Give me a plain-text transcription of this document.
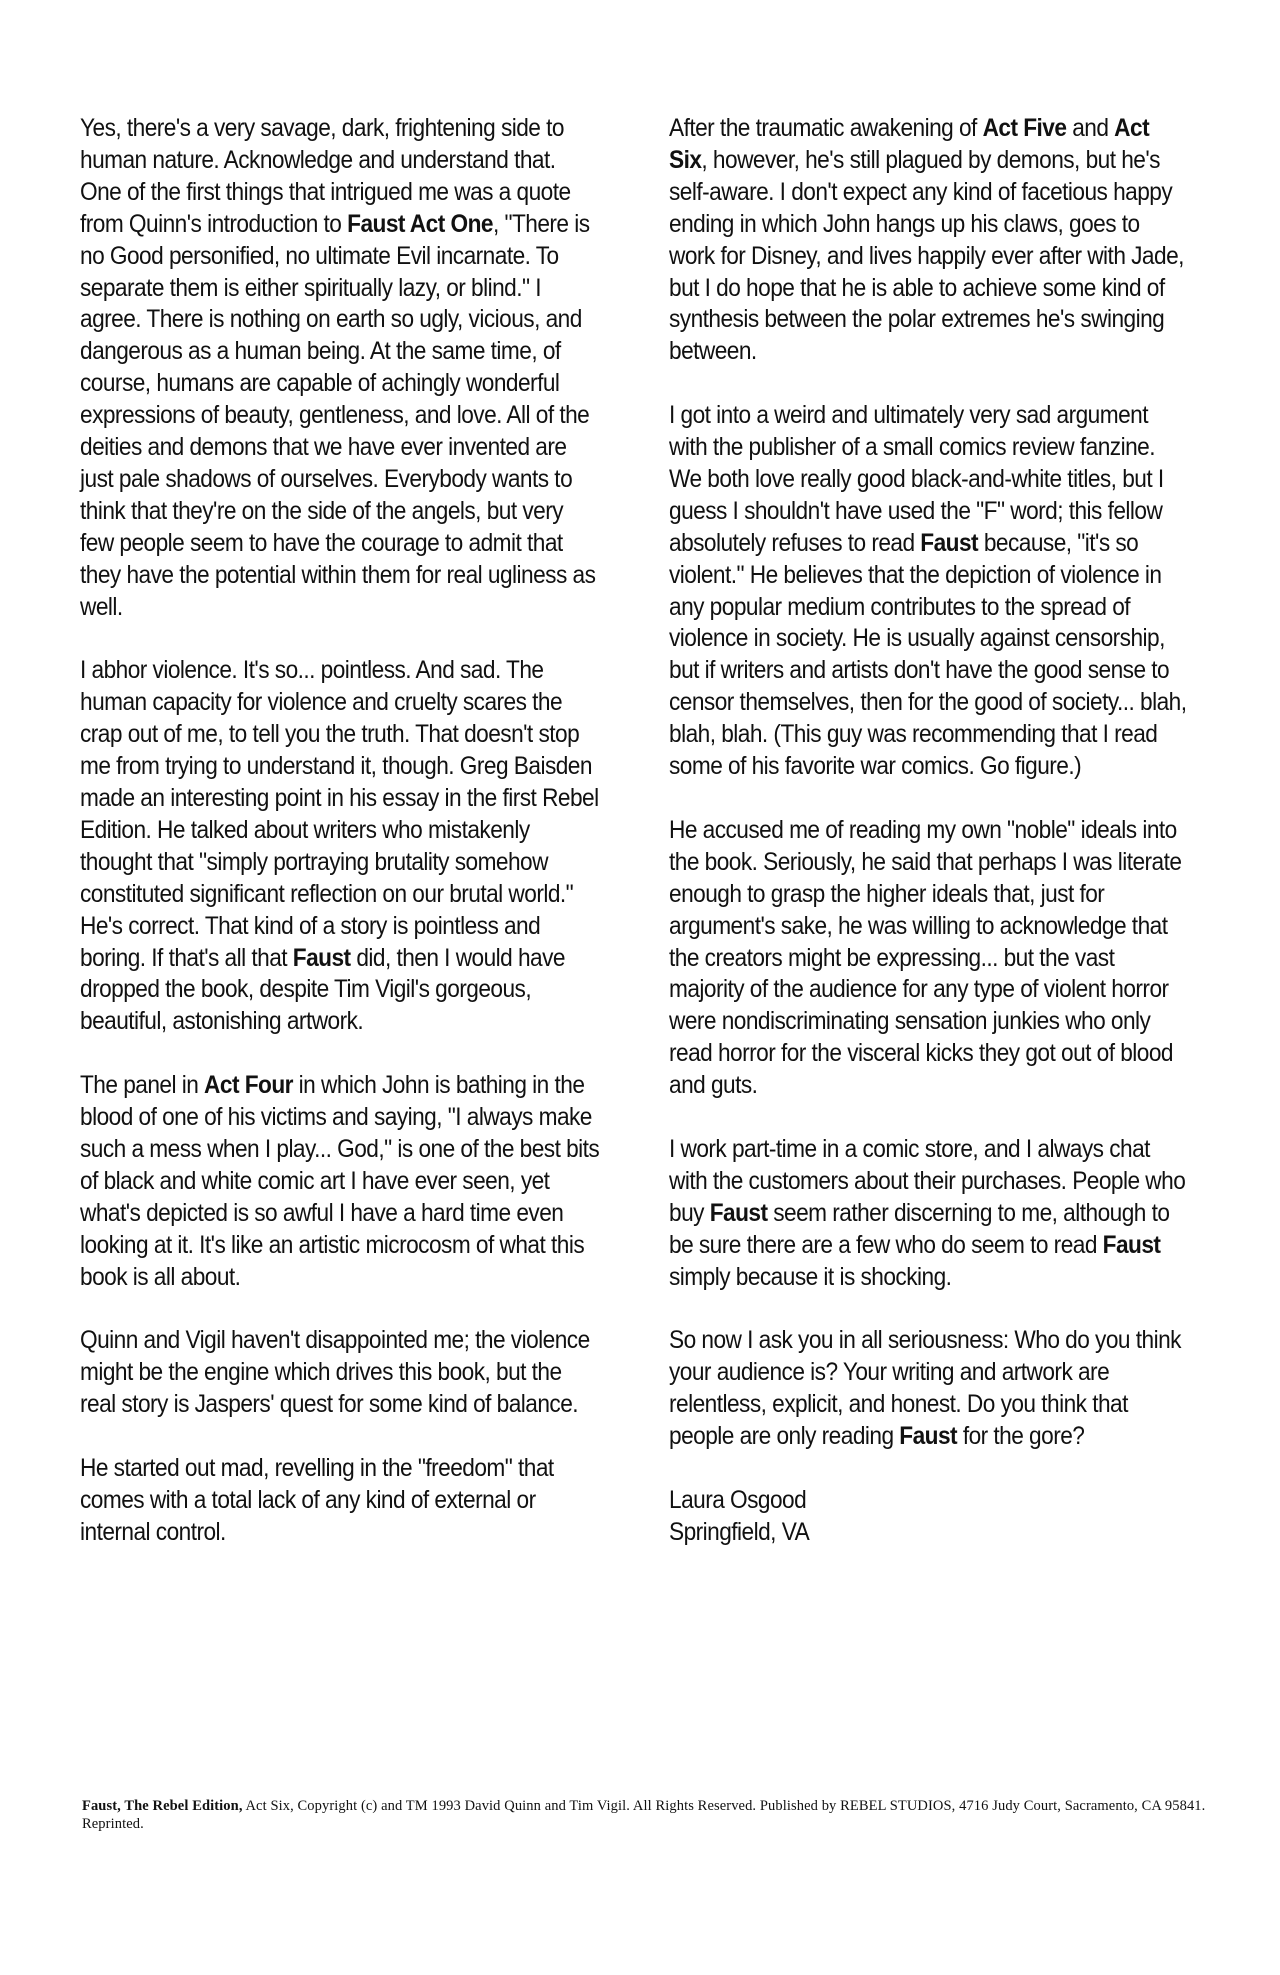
Yes, there's a very savage, dark, frightening side to human nature. Acknowledge and understand that. One of the first things that intrigued me was a quote from Quinn's introduction to Faust Act One, "There is no Good personified, no ultimate Evil incarnate. To separate them is either spiritually lazy, or blind." I agree. There is nothing on earth so ugly, vicious, and dangerous as a human being. At the same time, of course, humans are capable of achingly wonderful expressions of beauty, gentleness, and love. All of the deities and demons that we have ever invented are just pale shadows of ourselves. Everybody wants to think that they're on the side of the angels, but very few people seem to have the courage to admit that they have the potential within them for real ugliness as well.

I abhor violence. It's so... pointless. And sad. The human capacity for violence and cruelty scares the crap out of me, to tell you the truth. That doesn't stop me from trying to understand it, though. Greg Baisden made an interesting point in his essay in the first Rebel Edition. He talked about writers who mistakenly thought that "simply portraying brutality somehow constituted significant reflection on our brutal world." He's correct. That kind of a story is pointless and boring. If that's all that Faust did, then I would have dropped the book, despite Tim Vigil's gorgeous, beautiful, astonishing artwork.

The panel in Act Four in which John is bathing in the blood of one of his victims and saying, "I always make such a mess when I play... God," is one of the best bits of black and white comic art I have ever seen, yet what's depicted is so awful I have a hard time even looking at it. It's like an artistic microcosm of what this book is all about.

Quinn and Vigil haven't disappointed me; the violence might be the engine which drives this book, but the real story is Jaspers' quest for some kind of balance.

He started out mad, revelling in the "freedom" that comes with a total lack of any kind of external or internal control.

After the traumatic awakening of Act Five and Act Six, however, he's still plagued by demons, but he's self-aware. I don't expect any kind of facetious happy ending in which John hangs up his claws, goes to work for Disney, and lives happily ever after with Jade, but I do hope that he is able to achieve some kind of synthesis between the polar extremes he's swinging between.

I got into a weird and ultimately very sad argument with the publisher of a small comics review fanzine. We both love really good black-and-white titles, but I guess I shouldn't have used the "F" word; this fellow absolutely refuses to read Faust because, "it's so violent." He believes that the depiction of violence in any popular medium contributes to the spread of violence in society. He is usually against censorship, but if writers and artists don't have the good sense to censor themselves, then for the good of society... blah, blah, blah. (This guy was recommending that I read some of his favorite war comics. Go figure.)

He accused me of reading my own "noble" ideals into the book. Seriously, he said that perhaps I was literate enough to grasp the higher ideals that, just for argument's sake, he was willing to acknowledge that the creators might be expressing... but the vast majority of the audience for any type of violent horror were nondiscriminating sensation junkies who only read horror for the visceral kicks they got out of blood and guts.

I work part-time in a comic store, and I always chat with the customers about their purchases. People who buy Faust seem rather discerning to me, although to be sure there are a few who do seem to read Faust simply because it is shocking.

So now I ask you in all seriousness: Who do you think your audience is? Your writing and artwork are relentless, explicit, and honest. Do you think that people are only reading Faust for the gore?

Laura Osgood
Springfield, VA
Faust, The Rebel Edition, Act Six, Copyright (c) and TM 1993 David Quinn and Tim Vigil. All Rights Reserved. Published by REBEL STUDIOS, 4716 Judy Court, Sacramento, CA 95841. Reprinted.
